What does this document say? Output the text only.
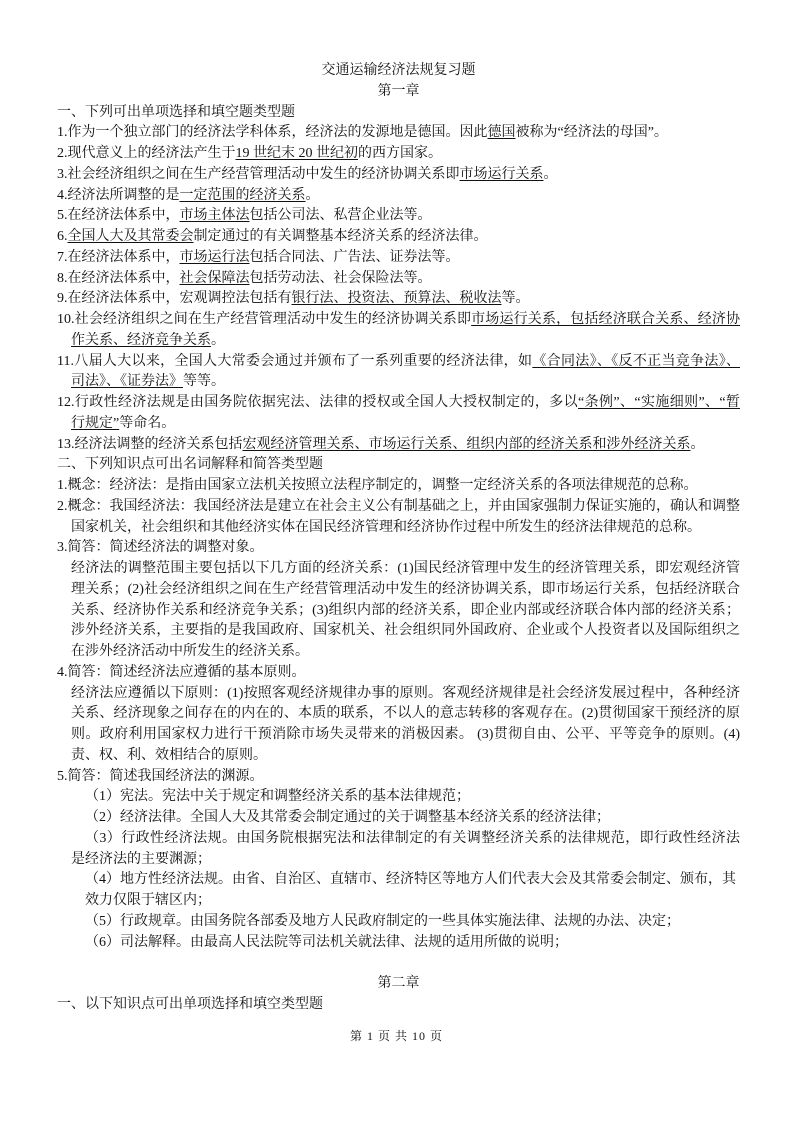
交通运输经济法规复习题
第一章
一、下列可出单项选择和填空题类型题
1.作为一个独立部门的经济法学科体系，经济法的发源地是德国。因此德国被称为“经济法的母国”。
2.现代意义上的经济法产生于19 世纪末 20 世纪初的西方国家。
3.社会经济组织之间在生产经营管理活动中发生的经济协调关系即市场运行关系。
4.经济法所调整的是一定范围的经济关系。
5.在经济法体系中，市场主体法包括公司法、私营企业法等。
6.全国人大及其常委会制定通过的有关调整基本经济关系的经济法律。
7.在经济法体系中，市场运行法包括合同法、广告法、证券法等。
8.在经济法体系中，社会保障法包括劳动法、社会保险法等。
9.在经济法体系中，宏观调控法包括有银行法、投资法、预算法、税收法等。
10.社会经济组织之间在生产经营管理活动中发生的经济协调关系即市场运行关系，包括经济联合关系、经济协
作关系、经济竞争关系。
11.八届人大以来，全国人大常委会通过并颁布了一系列重要的经济法律，如《合同法》、《反不正当竞争法》、
司法》、《证券法》等等。
12.行政性经济法规是由国务院依据宪法、法律的授权或全国人大授权制定的，多以“条例”、“实施细则”、“暂
行规定”等命名。
13.经济法调整的经济关系包括宏观经济管理关系、市场运行关系、组织内部的经济关系和涉外经济关系。
二、下列知识点可出名词解释和简答类型题
1.概念：经济法：是指由国家立法机关按照立法程序制定的，调整一定经济关系的各项法律规范的总称。
2.概念：我国经济法：我国经济法是建立在社会主义公有制基础之上，并由国家强制力保证实施的，确认和调整
国家机关，社会组织和其他经济实体在国民经济管理和经济协作过程中所发生的经济法律规范的总称。
3.简答：简述经济法的调整对象。
经济法的调整范围主要包括以下几方面的经济关系：(1)国民经济管理中发生的经济管理关系，即宏观经济管
理关系；(2)社会经济组织之间在生产经营管理活动中发生的经济协调关系，即市场运行关系，包括经济联合
关系、经济协作关系和经济竞争关系；(3)组织内部的经济关系，即企业内部或经济联合体内部的经济关系；
涉外经济关系，主要指的是我国政府、国家机关、社会组织同外国政府、企业或个人投资者以及国际组织之
在涉外经济活动中所发生的经济关系。
4.简答：简述经济法应遵循的基本原则。
经济法应遵循以下原则：(1)按照客观经济规律办事的原则。客观经济规律是社会经济发展过程中，各种经济
关系、经济现象之间存在的内在的、本质的联系，不以人的意志转移的客观存在。(2)贯彻国家干预经济的原
则。政府利用国家权力进行干预消除市场失灵带来的消极因素。 (3)贯彻自由、公平、平等竞争的原则。(4)
责、权、利、效相结合的原则。
5.简答：简述我国经济法的渊源。
（1）宪法。宪法中关于规定和调整经济关系的基本法律规范；
（2）经济法律。全国人大及其常委会制定通过的关于调整基本经济关系的经济法律；
（3）行政性经济法规。由国务院根据宪法和法律制定的有关调整经济关系的法律规范，即行政性经济法
是经济法的主要渊源；
（4）地方性经济法规。由省、自治区、直辖市、经济特区等地方人们代表大会及其常委会制定、颁布，其
效力仅限于辖区内；
（5）行政规章。由国务院各部委及地方人民政府制定的一些具体实施法律、法规的办法、决定；
（6）司法解释。由最高人民法院等司法机关就法律、法规的适用所做的说明；
第二章
一、以下知识点可出单项选择和填空类型题
第 1 页 共 10 页
